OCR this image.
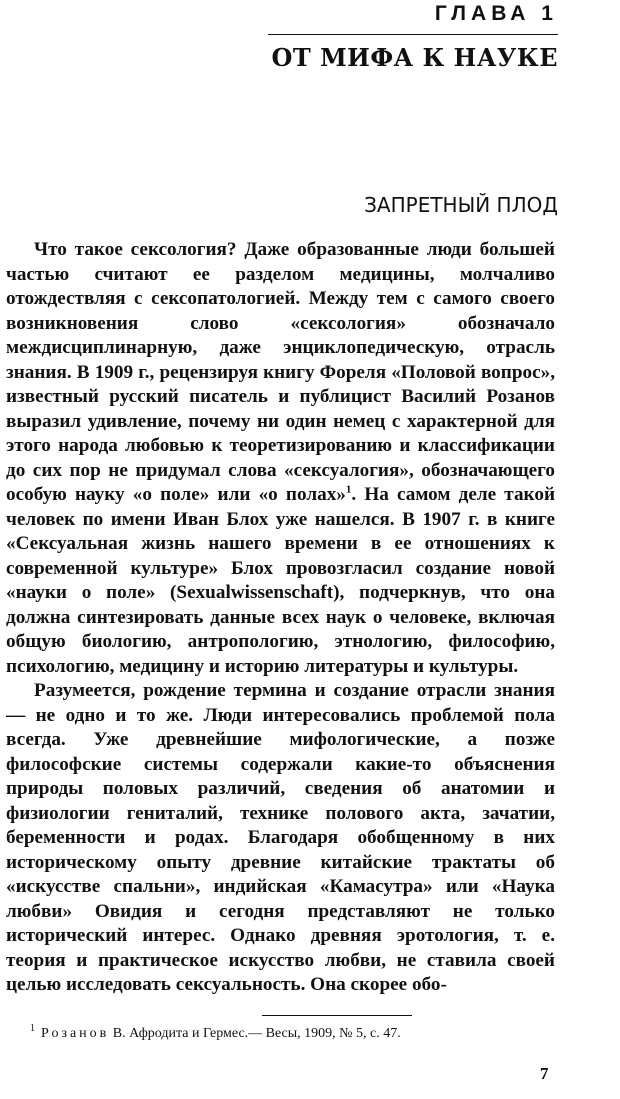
ГЛАВА 1
ОТ МИФА К НАУКЕ
ЗАПРЕТНЫЙ ПЛОД

Что такое сексология? Даже образованные люди большей частью считают ее разделом медицины, молчаливо отождествляя с сексопатологией. Между тем с самого своего возникновения слово «сексология» обозначало междисциплинарную, даже энциклопедическую, отрасль знания. В 1909 г., рецензируя книгу Фореля «Половой вопрос», известный русский писатель и публицист Василий Розанов выразил удивление, почему ни один немец с характерной для этого народа любовью к теоретизированию и классификации до сих пор не придумал слова «сексуалогия», обозначающего особую науку «о поле» или «о полах»$^1$. На самом деле такой человек по имени Иван Блох уже нашелся. В 1907 г. в книге «Сексуальная жизнь нашего времени в ее отношениях к современной культуре» Блох провозгласил создание новой «науки о поле» (Sexualwissenschaft), подчеркнув, что она должна синтезировать данные всех наук о человеке, включая общую биологию, антропологию, этнологию, философию, психологию, медицину и историю литературы и культуры.

Разумеется, рождение термина и создание отрасли знания — не одно и то же. Люди интересовались проблемой пола всегда. Уже древнейшие мифологические, а позже философские системы содержали какие-то объяснения природы половых различий, сведения об анатомии и физиологии гениталий, технике полового акта, зачатии, беременности и родах. Благодаря обобщенному в них историческому опыту древние китайские трактаты об «искусстве спальни», индийская «Камасутра» или «Наука любви» Овидия и сегодня представляют не только исторический интерес. Однако древняя эротология, т. е. теория и практическое искусство любви, не ставила своей целью исследовать сексуальность. Она скорее обо-

$^1$ Розанов В. Афродита и Гермес.— Весы, 1909, № 5, с. 47.
7
